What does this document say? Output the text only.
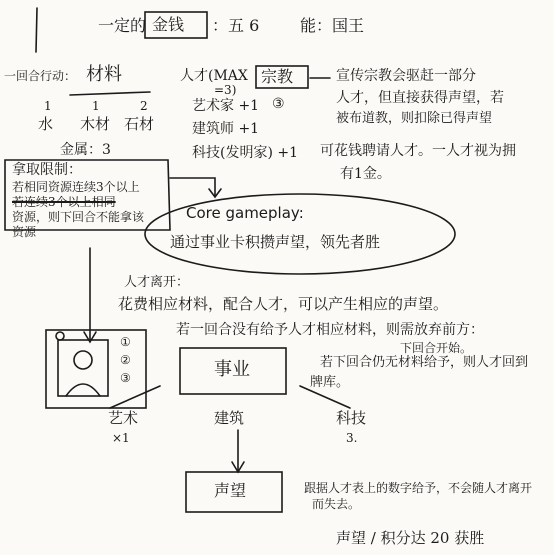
一定的 金钱 ：五 6	能：国王
一回合行动： 材料	人才(MAX
=3)
宗教
1	1	2
水 木材 石材
金属：3
艺术家 +1 ③
建筑师 +1
科技(发明家) +1
宣传宗教会驱赶一部分
人才，但直接获得声望，若
被布道教，则扣除已得声望
可花钱聘请人才。一人才视为拥
有1金。
拿取限制：
若相同资源连续3个以上
若连续3个以上相同
资源，则下回合不能拿该
资源
Core gameplay:
通过事业卡积攒声望，领先者胜
人才离开：
花费相应材料，配合人才，可以产生相应的声望。
若一回合没有给予人才相应材料，则需放弃前方：
下回合开始。
若下回合仍无材料给予，则人才回到
牌库。
①
②
③	事业
艺术
×1
建筑	科技
3.
声望	跟据人才表上的数字给予，不会随人才离开
而失去。
声望 / 积分达 20 获胜
